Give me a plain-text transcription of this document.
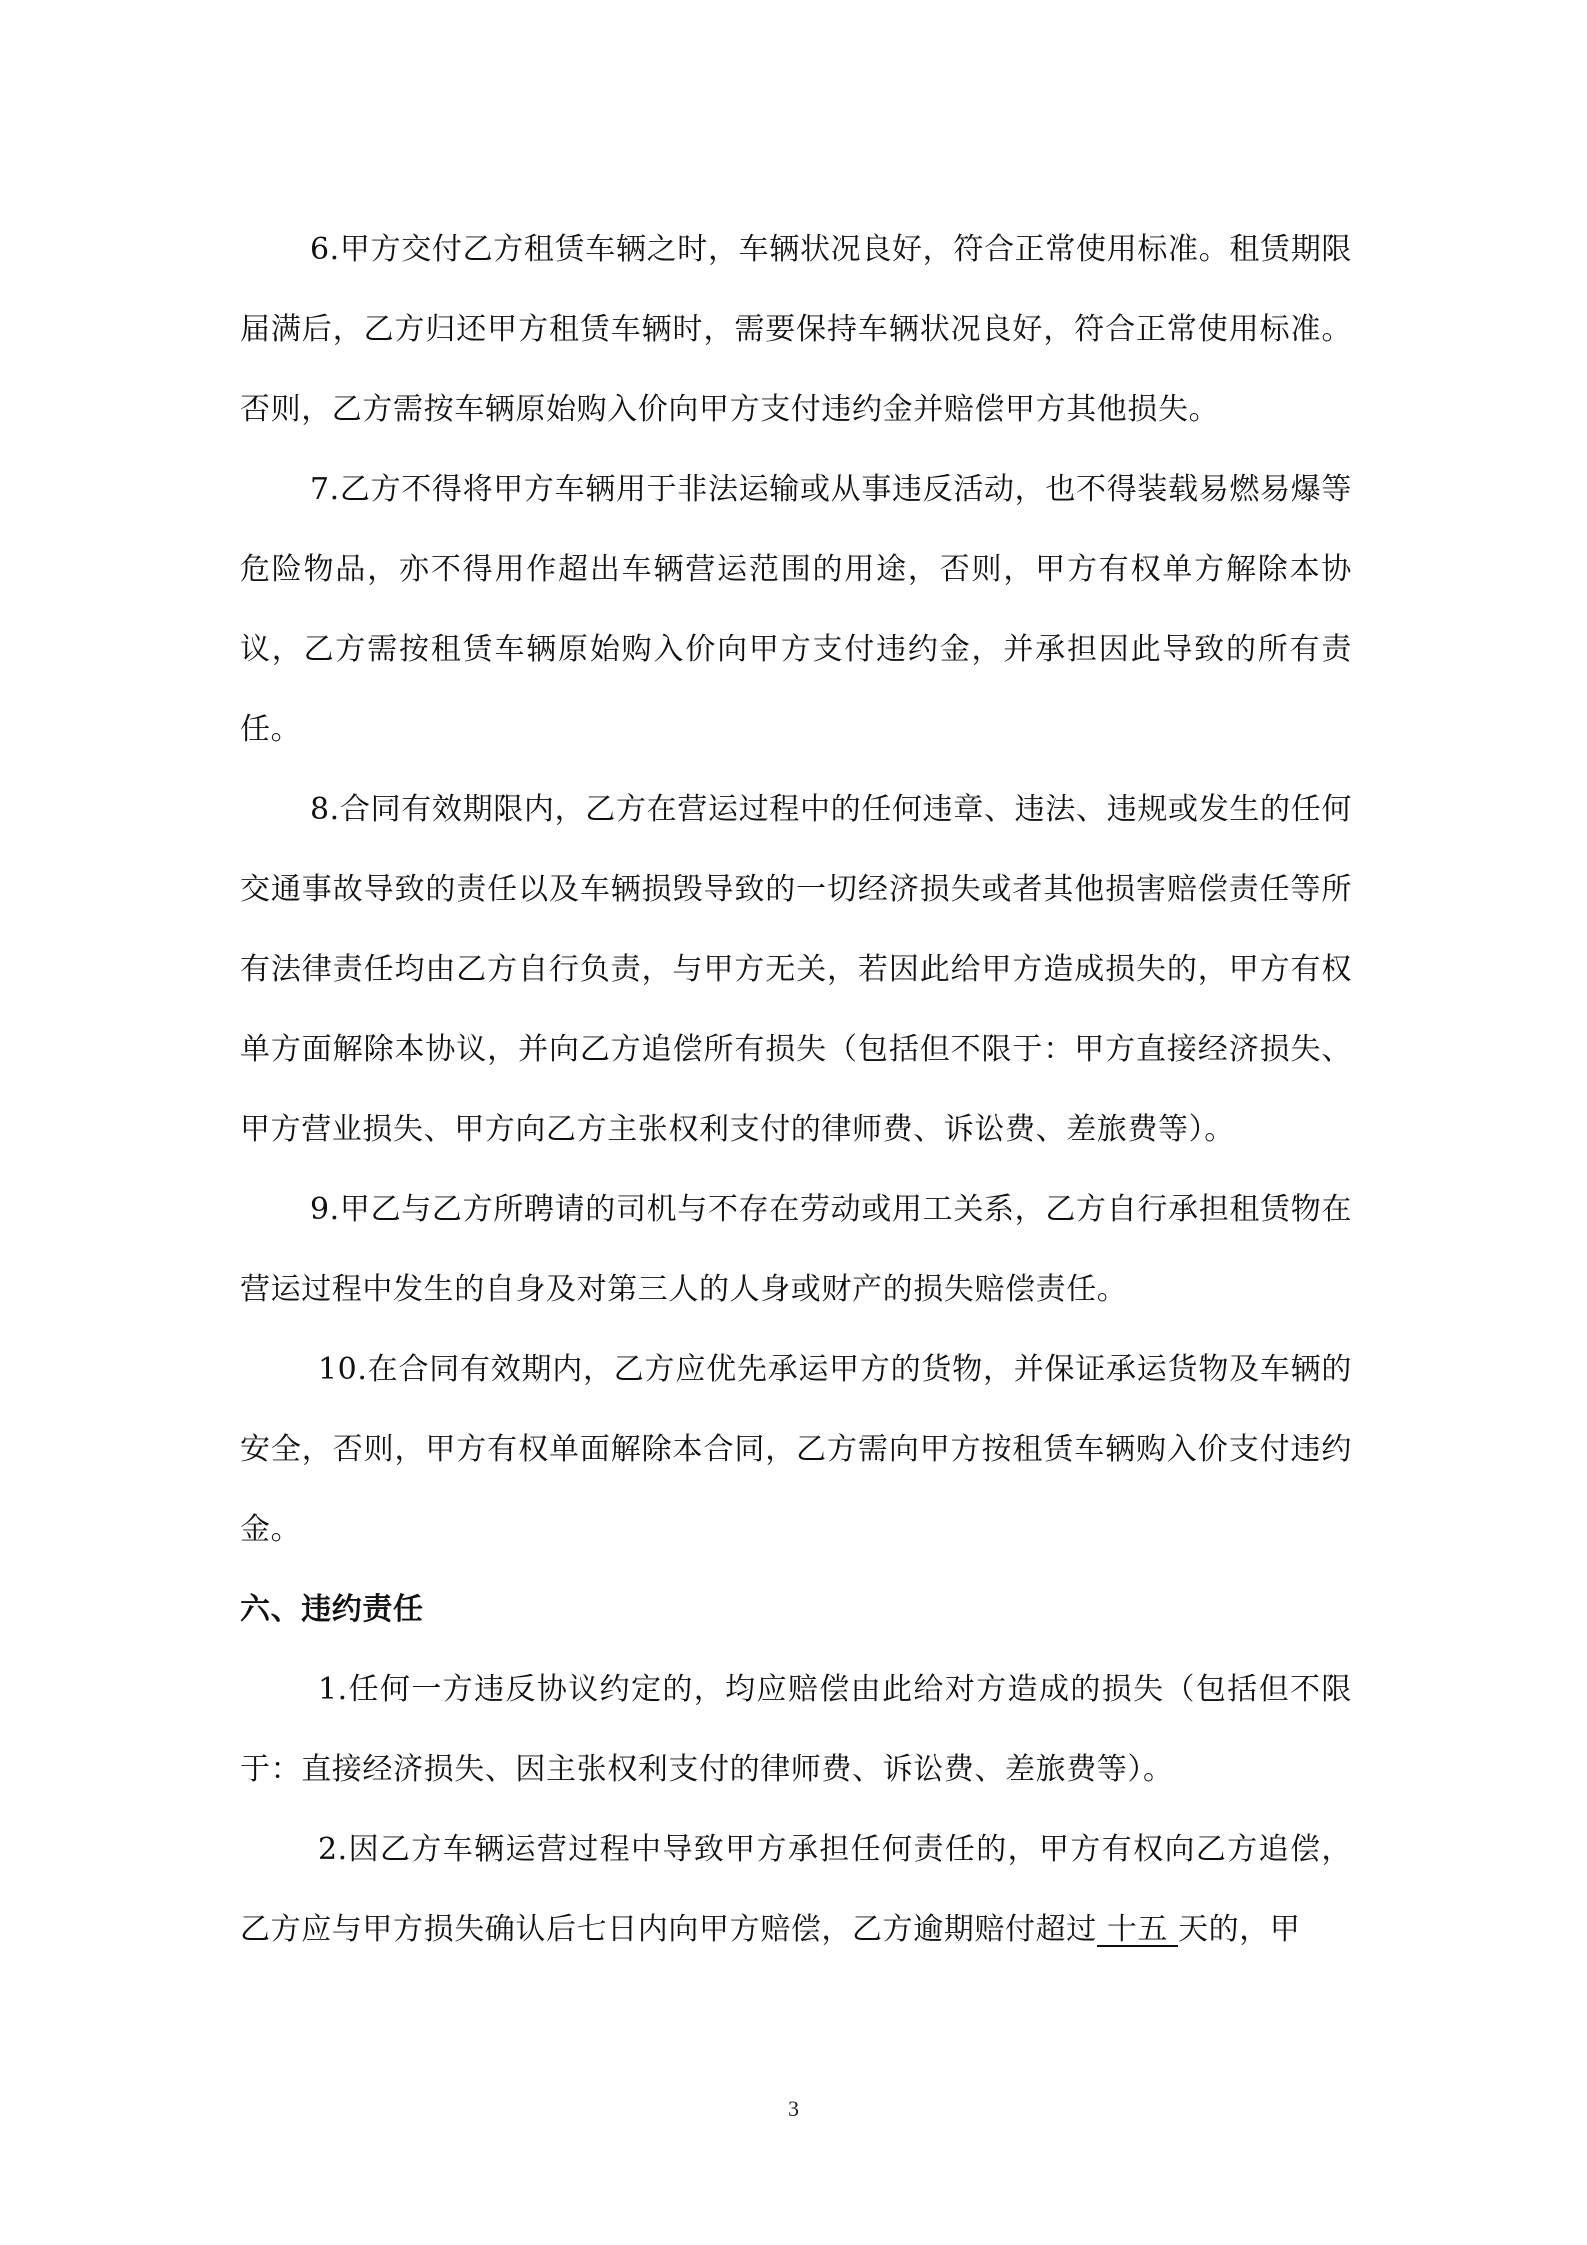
6.甲方交付乙方租赁车辆之时，车辆状况良好，符合正常使用标准。租赁期限届满后，乙方归还甲方租赁车辆时，需要保持车辆状况良好，符合正常使用标准。否则，乙方需按车辆原始购入价向甲方支付违约金并赔偿甲方其他损失。

7.乙方不得将甲方车辆用于非法运输或从事违反活动，也不得装载易燃易爆等危险物品，亦不得用作超出车辆营运范围的用途，否则，甲方有权单方解除本协议，乙方需按租赁车辆原始购入价向甲方支付违约金，并承担因此导致的所有责任。

8.合同有效期限内，乙方在营运过程中的任何违章、违法、违规或发生的任何交通事故导致的责任以及车辆损毁导致的一切经济损失或者其他损害赔偿责任等所有法律责任均由乙方自行负责，与甲方无关，若因此给甲方造成损失的，甲方有权单方面解除本协议，并向乙方追偿所有损失（包括但不限于：甲方直接经济损失、甲方营业损失、甲方向乙方主张权利支付的律师费、诉讼费、差旅费等）。

9.甲乙与乙方所聘请的司机与不存在劳动或用工关系，乙方自行承担租赁物在营运过程中发生的自身及对第三人的人身或财产的损失赔偿责任。

10.在合同有效期内，乙方应优先承运甲方的货物，并保证承运货物及车辆的安全，否则，甲方有权单面解除本合同，乙方需向甲方按租赁车辆购入价支付违约金。

六、违约责任

1.任何一方违反协议约定的，均应赔偿由此给对方造成的损失（包括但不限于：直接经济损失、因主张权利支付的律师费、诉讼费、差旅费等）。

2.因乙方车辆运营过程中导致甲方承担任何责任的，甲方有权向乙方追偿，乙方应与甲方损失确认后七日内向甲方赔偿，乙方逾期赔付超过 十五 天的，甲

3
